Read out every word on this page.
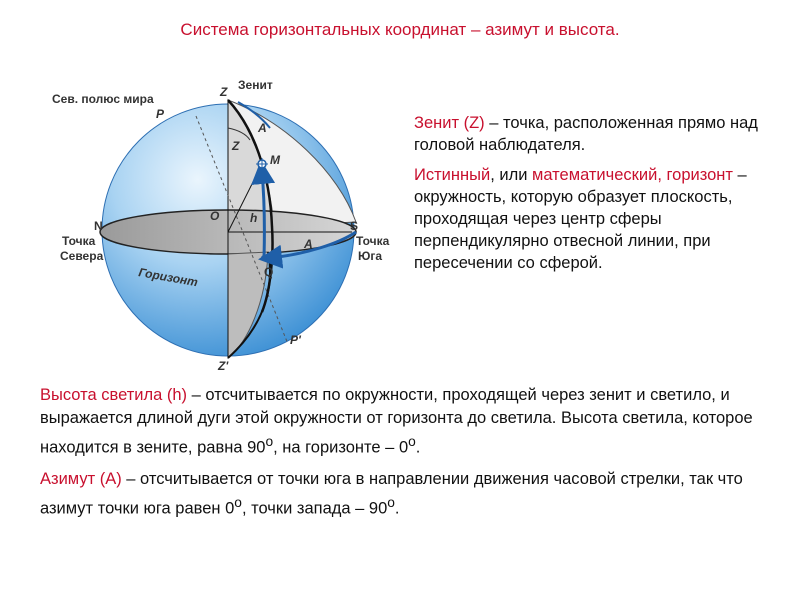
Система горизонтальных координат – азимут и высота.
Зенит
Сев. полюс мира
P
Z
A
Z
M
O	h
N
Точка
Севера
S
Точка
Юга
A
Q
Горизонт
Z'
P'

Зенит (Z) – точка, расположенная прямо над головой наблюдателя.

Истинный, или математический, горизонт – окружность, которую образует плоскость, проходящая через центр сферы перпендикулярно отвесной линии, при пересечении со сферой.

Высота светила (h) – отсчитывается по окружности, проходящей через зенит и светило, и выражается длиной дуги этой окружности от горизонта до светила. Высота светила, которое находится в зените, равна 90$^o$, на горизонте – 0$^o$.

Азимут (A) – отсчитывается от точки юга в направлении движения часовой стрелки, так что азимут точки юга равен 0$^o$, точки запада – 90$^o$.
